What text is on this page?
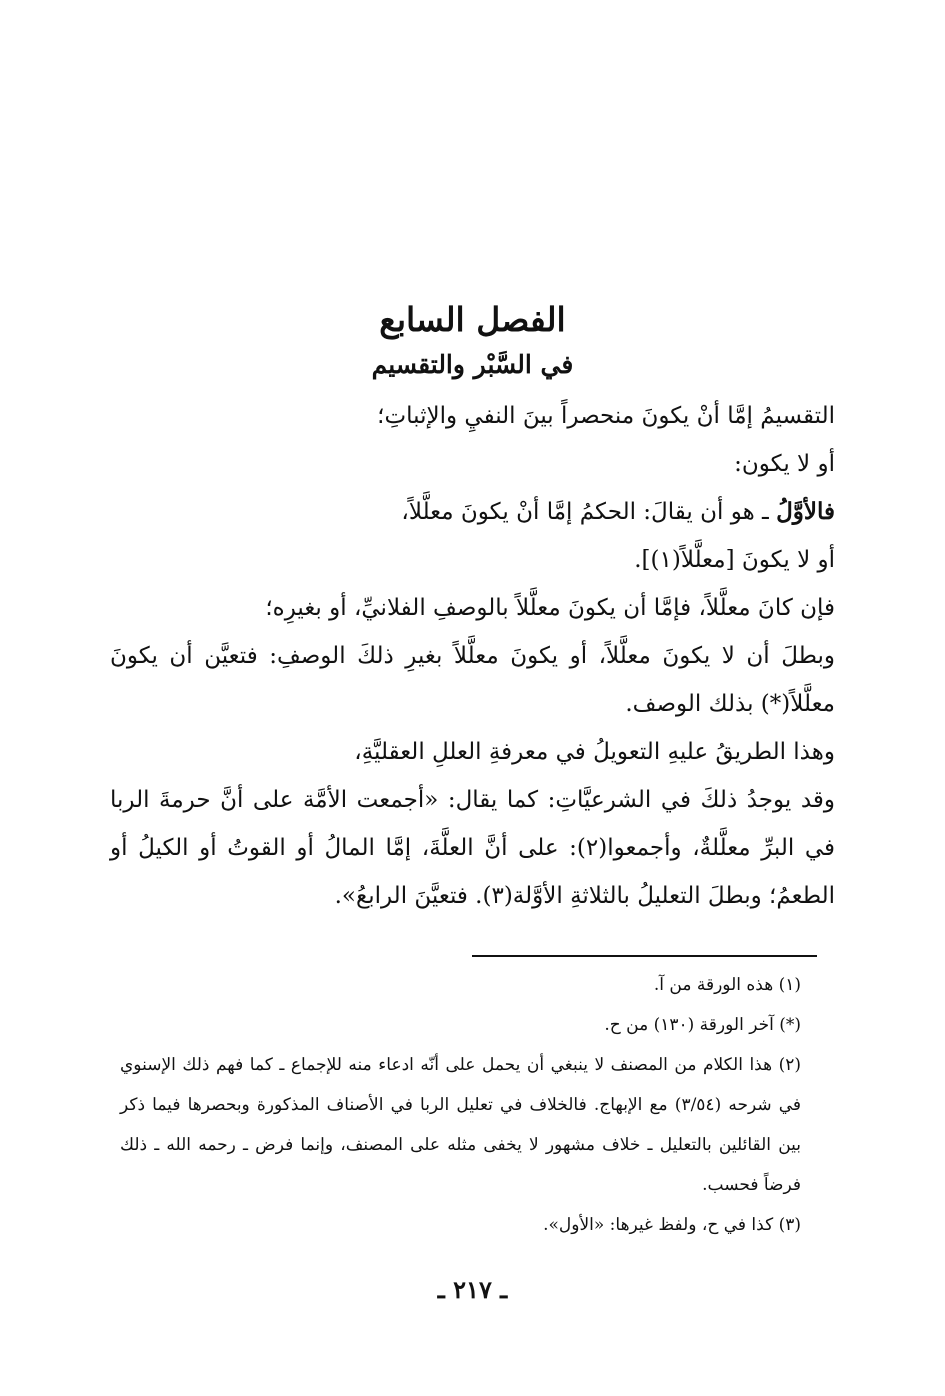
الفصل السابع
في السَّبْر والتقسيم

التقسيمُ إمَّا أنْ يكونَ منحصراً بينَ النفيِ والإثباتِ؛

أو لا يكون:

فالأوَّلُ ـ هو أن يقالَ: الحكمُ إمَّا أنْ يكونَ معلَّلاً،

أو لا يكونَ [معلَّلاً(١)].

فإن كانَ معلَّلاً، فإمَّا أن يكونَ معلَّلاً بالوصفِ الفلانيِّ، أو بغيرِه؛

وبطلَ أن لا يكونَ معلَّلاً، أو يكونَ معلَّلاً بغيرِ ذلكَ الوصفِ: فتعيَّن أن يكونَ معلَّلاً(*) بذلك الوصف.

وهذا الطريقُ عليهِ التعويلُ في معرفةِ العللِ العقليَّةِ،

وقد يوجدُ ذلكَ في الشرعيَّاتِ: كما يقال: «أجمعت الأمَّة على أنَّ حرمةَ الربا في البرِّ معلَّلةٌ، وأجمعوا(٢): على أنَّ العلَّةَ، إمَّا المالُ أو القوتُ أو الكيلُ أو الطعمُ؛ وبطلَ التعليلُ بالثلاثةِ الأوَّلة(٣). فتعيَّنَ الرابعُ».

(١) هذه الورقة من آ.

(*) آخر الورقة (١٣٠) من ح.

(٢) هذا الكلام من المصنف لا ينبغي أن يحمل على أنّه ادعاء منه للإجماع ـ كما فهم ذلك الإسنوي في شرحه (٣/٥٤) مع الإبهاج. فالخلاف في تعليل الربا في الأصناف المذكورة وبحصرها فيما ذكر بين القائلين بالتعليل ـ خلاف مشهور لا يخفى مثله على المصنف، وإنما فرض ـ رحمه الله ـ ذلك فرضاً فحسب.

(٣) كذا في ح، ولفظ غيرها: «الأول».

ـ ٢١٧ ـ
